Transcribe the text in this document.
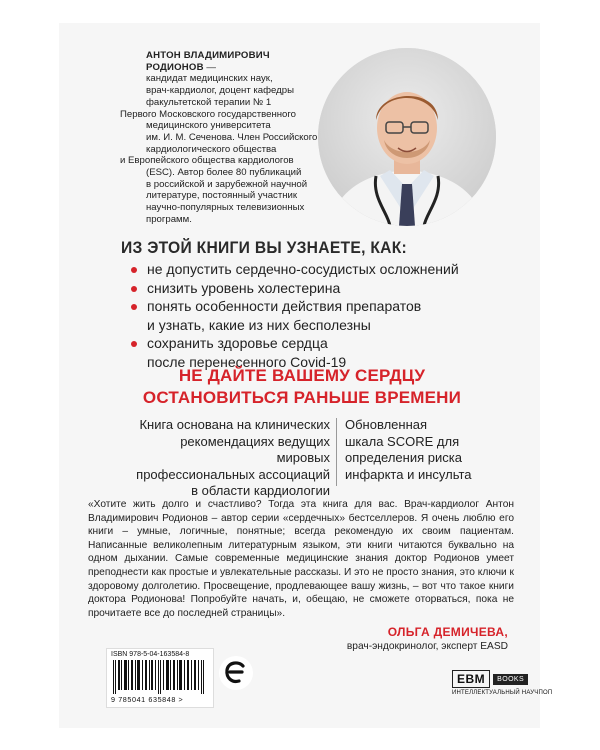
АНТОН ВЛАДИМИРОВИЧ РОДИОНОВ —
кандидат медицинских наук,
врач-кардиолог, доцент кафедры
факультетской терапии № 1
Первого Московского государственного
медицинского университета
им. И. М. Сеченова. Член Российского
кардиологического общества
и Европейского общества кардиологов
(ESC). Автор более 80 публикаций
в российской и зарубежной научной
литературе, постоянный участник
научно-популярных телевизионных
программ.
ИЗ ЭТОЙ КНИГИ ВЫ УЗНАЕТЕ, КАК:
не допустить сердечно-сосудистых осложнений
снизить уровень холестерина
понять особенности действия препаратов
и узнать, какие из них бесполезны
сохранить здоровье сердца
после перенесенного Covid-19
НЕ ДАЙТЕ ВАШЕМУ СЕРДЦУ
ОСТАНОВИТЬСЯ РАНЬШЕ ВРЕМЕНИ
Книга основана на клинических
рекомендациях ведущих мировых
профессиональных ассоциаций
в области кардиологии
Обновленная
шкала SCORE для
определения риска
инфаркта и инсульта
«Хотите жить долго и счастливо? Тогда эта книга для вас. Врач-кардиолог Антон Владимирович Родионов – автор серии «сердечных» бестселлеров. Я очень люблю его книги – умные, логичные, понятные; всегда рекомендую их своим пациентам. Написанные великолепным литературным языком, эти книги читаются буквально на одном дыхании. Самые современные медицинские знания доктор Родионов умеет преподнести как простые и увлекательные рассказы. И это не просто знания, это ключи к здоровому долголетию. Просвещение, продлевающее вашу жизнь, – вот что такое книги доктора Родионова! Попробуйте начать, и, обещаю, не сможете оторваться, пока не прочитаете все до последней страницы».
ОЛЬГА ДЕМИЧЕВА,
врач-эндокринолог, эксперт EASD
ISBN 978-5-04-163584-8
9 785041 635848 >
ЕВМ	BOOKS
ИНТЕЛЛЕКТУАЛЬНЫЙ НАУЧПОП
